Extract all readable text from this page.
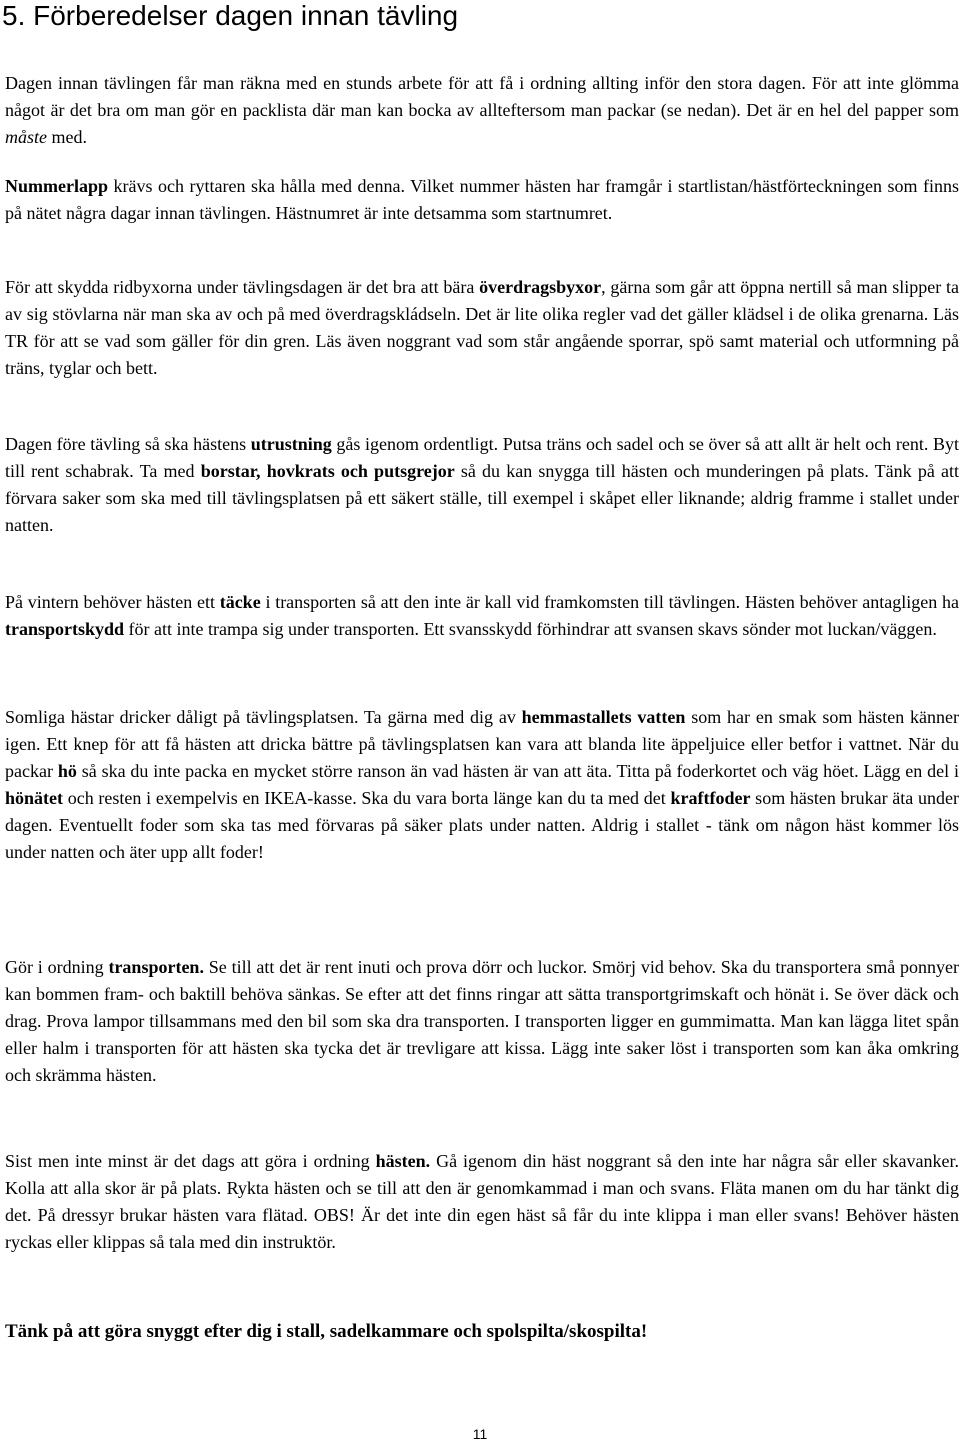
5. Förberedelser dagen innan tävling

Dagen innan tävlingen får man räkna med en stunds arbete för att få i ordning allting inför den stora dagen. För att inte glömma något är det bra om man gör en packlista där man kan bocka av allteftersom man packar (se nedan). Det är en hel del papper som måste med.

Nummerlapp krävs och ryttaren ska hålla med denna. Vilket nummer hästen har framgår i startlistan/hästförteckningen som finns på nätet några dagar innan tävlingen. Hästnumret är inte detsamma som startnumret.

För att skydda ridbyxorna under tävlingsdagen är det bra att bära överdragsbyxor, gärna som går att öppna nertill så man slipper ta av sig stövlarna när man ska av och på med överdragskládseln. Det är lite olika regler vad det gäller klädsel i de olika grenarna. Läs TR för att se vad som gäller för din gren. Läs även noggrant vad som står angående sporrar, spö samt material och utformning på träns, tyglar och bett.

Dagen före tävling så ska hästens utrustning gås igenom ordentligt. Putsa träns och sadel och se över så att allt är helt och rent. Byt till rent schabrak. Ta med borstar, hovkrats och putsgrejor så du kan snygga till hästen och munderingen på plats. Tänk på att förvara saker som ska med till tävlingsplatsen på ett säkert ställe, till exempel i skåpet eller liknande; aldrig framme i stallet under natten.

På vintern behöver hästen ett täcke i transporten så att den inte är kall vid framkomsten till tävlingen. Hästen behöver antagligen ha transportskydd för att inte trampa sig under transporten. Ett svansskydd förhindrar att svansen skavs sönder mot luckan/väggen.

Somliga hästar dricker dåligt på tävlingsplatsen. Ta gärna med dig av hemmastallets vatten som har en smak som hästen känner igen. Ett knep för att få hästen att dricka bättre på tävlingsplatsen kan vara att blanda lite äppeljuice eller betfor i vattnet. När du packar hö så ska du inte packa en mycket större ranson än vad hästen är van att äta. Titta på foderkortet och väg höet. Lägg en del i hönätet och resten i exempelvis en IKEA-kasse. Ska du vara borta länge kan du ta med det kraftfoder som hästen brukar äta under dagen. Eventuellt foder som ska tas med förvaras på säker plats under natten. Aldrig i stallet - tänk om någon häst kommer lös under natten och äter upp allt foder!

Gör i ordning transporten. Se till att det är rent inuti och prova dörr och luckor. Smörj vid behov. Ska du transportera små ponnyer kan bommen fram- och baktill behöva sänkas. Se efter att det finns ringar att sätta transportgrimskaft och hönät i. Se över däck och drag. Prova lampor tillsammans med den bil som ska dra transporten. I transporten ligger en gummimatta. Man kan lägga litet spån eller halm i transporten för att hästen ska tycka det är trevligare att kissa. Lägg inte saker löst i transporten som kan åka omkring och skrämma hästen.

Sist men inte minst är det dags att göra i ordning hästen. Gå igenom din häst noggrant så den inte har några sår eller skavanker. Kolla att alla skor är på plats. Rykta hästen och se till att den är genomkammad i man och svans. Fläta manen om du har tänkt dig det. På dressyr brukar hästen vara flätad. OBS! Är det inte din egen häst så får du inte klippa i man eller svans! Behöver hästen ryckas eller klippas så tala med din instruktör.

Tänk på att göra snyggt efter dig i stall, sadelkammare och spolspilta/skospilta!

11
